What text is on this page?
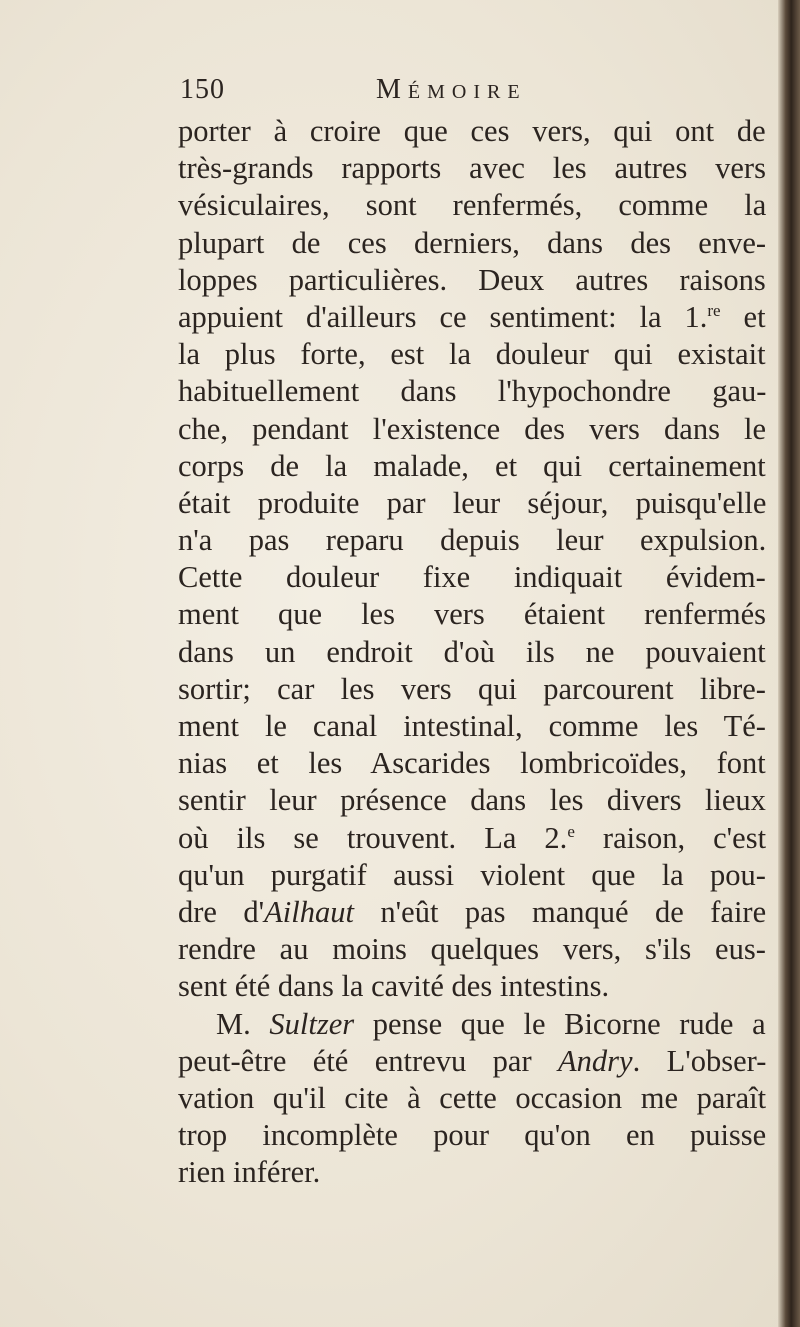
150	Mémoire
porter à croire que ces vers, qui ont de
très-grands rapports avec les autres vers
vésiculaires, sont renfermés, comme la
plupart de ces derniers, dans des enve-
loppes particulières. Deux autres raisons
appuient d'ailleurs ce sentiment: la 1.$^{re}$ et
la plus forte, est la douleur qui existait
habituellement dans l'hypochondre gau-
che, pendant l'existence des vers dans le
corps de la malade, et qui certainement
était produite par leur séjour, puisqu'elle
n'a pas reparu depuis leur expulsion.
Cette douleur fixe indiquait évidem-
ment que les vers étaient renfermés
dans un endroit d'où ils ne pouvaient
sortir; car les vers qui parcourent libre-
ment le canal intestinal, comme les Té-
nias et les Ascarides lombricoïdes, font
sentir leur présence dans les divers lieux
où ils se trouvent. La 2.$^e$ raison, c'est
qu'un purgatif aussi violent que la pou-
dre d'Ailhaut n'eût pas manqué de faire
rendre au moins quelques vers, s'ils eus-
sent été dans la cavité des intestins.
M. Sultzer pense que le Bicorne rude a
peut-être été entrevu par Andry. L'obser-
vation qu'il cite à cette occasion me paraît
trop incomplète pour qu'on en puisse
rien inférer.
